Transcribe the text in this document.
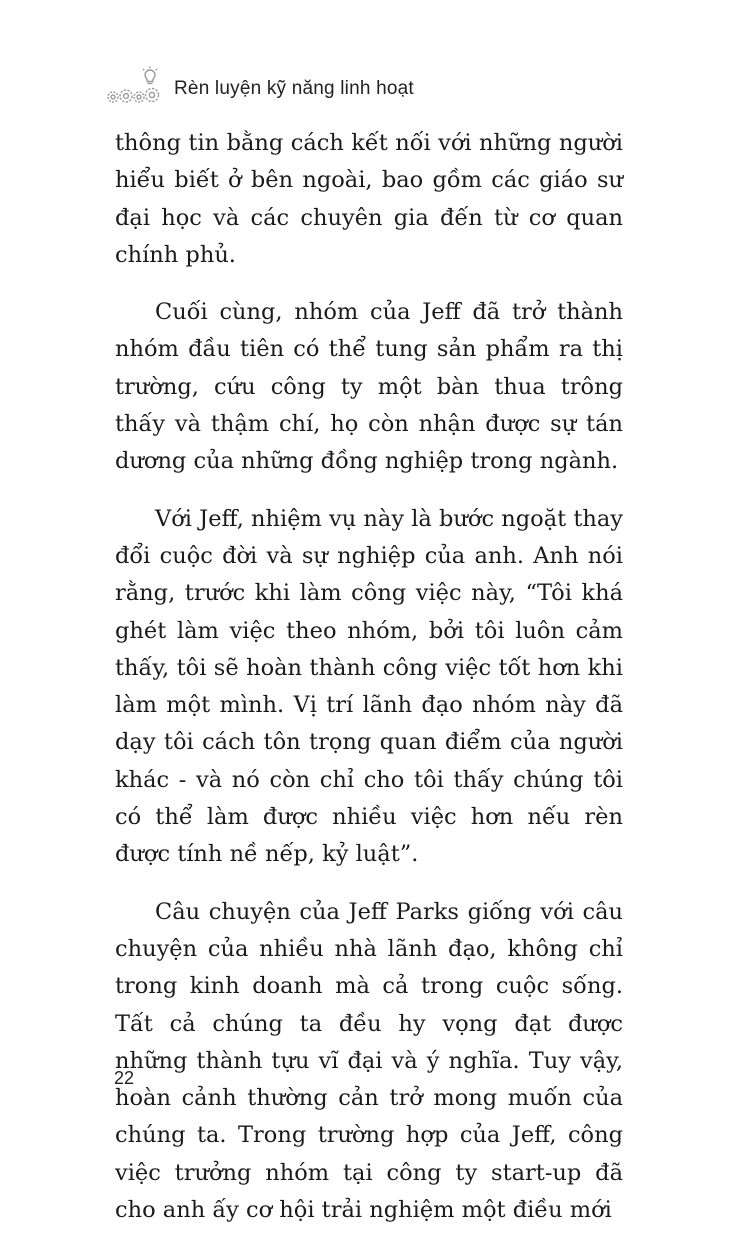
Rèn luyện kỹ năng linh hoạt

thông tin bằng cách kết nối với những người hiểu biết ở bên ngoài, bao gồm các giáo sư đại học và các chuyên gia đến từ cơ quan chính phủ.

Cuối cùng, nhóm của Jeff đã trở thành nhóm đầu tiên có thể tung sản phẩm ra thị trường, cứu công ty một bàn thua trông thấy và thậm chí, họ còn nhận được sự tán dương của những đồng nghiệp trong ngành.

Với Jeff, nhiệm vụ này là bước ngoặt thay đổi cuộc đời và sự nghiệp của anh. Anh nói rằng, trước khi làm công việc này, “Tôi khá ghét làm việc theo nhóm, bởi tôi luôn cảm thấy, tôi sẽ hoàn thành công việc tốt hơn khi làm một mình. Vị trí lãnh đạo nhóm này đã dạy tôi cách tôn trọng quan điểm của người khác - và nó còn chỉ cho tôi thấy chúng tôi có thể làm được nhiều việc hơn nếu rèn được tính nề nếp, kỷ luật”.

Câu chuyện của Jeff Parks giống với câu chuyện của nhiều nhà lãnh đạo, không chỉ trong kinh doanh mà cả trong cuộc sống. Tất cả chúng ta đều hy vọng đạt được những thành tựu vĩ đại và ý nghĩa. Tuy vậy, hoàn cảnh thường cản trở mong muốn của chúng ta. Trong trường hợp của Jeff, công việc trưởng nhóm tại công ty start-up đã cho anh ấy cơ hội trải nghiệm một điều mới

22
